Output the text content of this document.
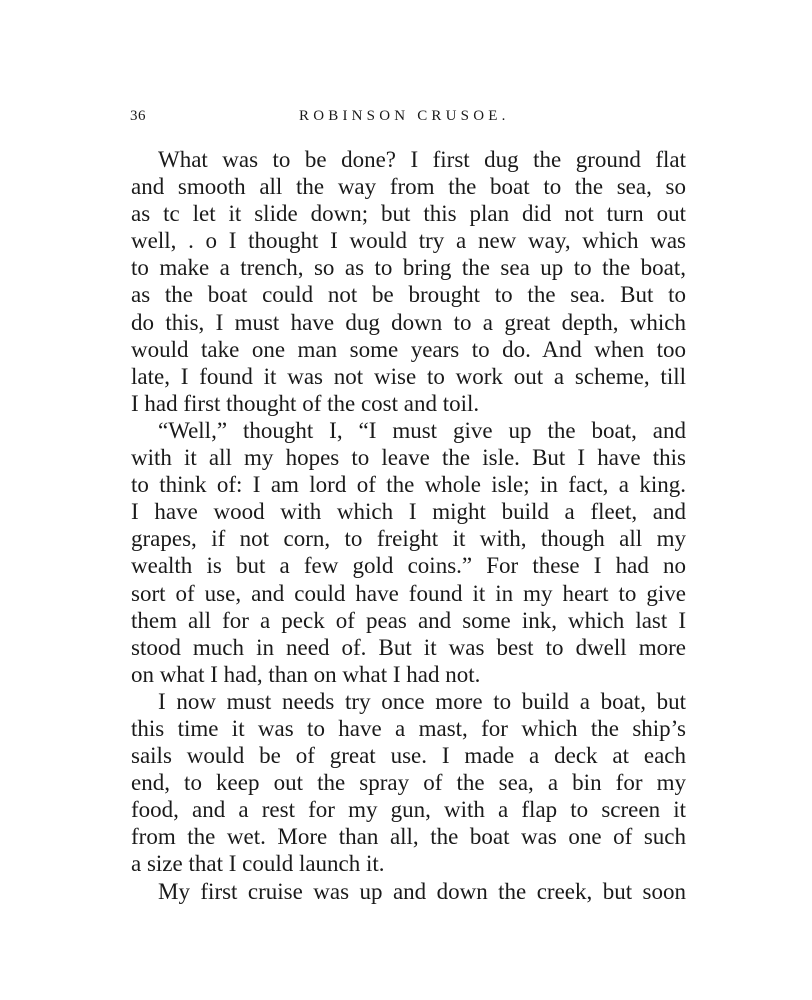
36	ROBINSON CRUSOE.
What was to be done? I first dug the ground flat
and smooth all the way from the boat to the sea, so
as tc let it slide down; but this plan did not turn out
well, . o I thought I would try a new way, which was
to make a trench, so as to bring the sea up to the boat,
as the boat could not be brought to the sea. But to
do this, I must have dug down to a great depth, which
would take one man some years to do. And when too
late, I found it was not wise to work out a scheme, till
I had first thought of the cost and toil.
“Well,” thought I, “I must give up the boat, and
with it all my hopes to leave the isle. But I have this
to think of: I am lord of the whole isle; in fact, a king.
I have wood with which I might build a fleet, and
grapes, if not corn, to freight it with, though all my
wealth is but a few gold coins.” For these I had no
sort of use, and could have found it in my heart to give
them all for a peck of peas and some ink, which last I
stood much in need of. But it was best to dwell more
on what I had, than on what I had not.
I now must needs try once more to build a boat, but
this time it was to have a mast, for which the ship’s
sails would be of great use. I made a deck at each
end, to keep out the spray of the sea, a bin for my
food, and a rest for my gun, with a flap to screen it
from the wet. More than all, the boat was one of such
a size that I could launch it.
My first cruise was up and down the creek, but soon
